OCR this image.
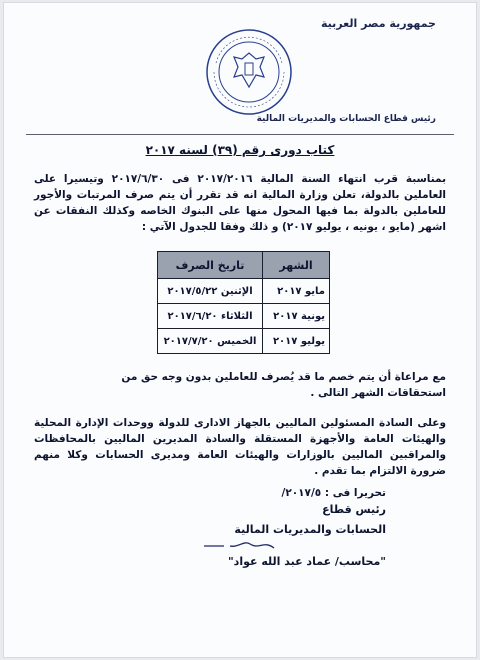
جمهورية مصر العربية
رئيس قطاع الحسابات والمديريات المالية
كتاب دورى رقم (٣٩) لسنه ٢٠١٧
بمناسبة قرب انتهاء السنة المالية ٢٠١٧/٢٠١٦ فى ٢٠١٧/٦/٣٠ وتيسيرا على العاملين بالدولة، تعلن وزارة المالية انه قد تقرر أن يتم صرف المرتبات والأجور للعاملين بالدولة بما فيها المحول منها على البنوك الخاصه وكذلك النفقات عن اشهر (مايو ، يونيه ، يوليو ٢٠١٧) و ذلك وفقا للجدول الآتي :
الشهر	تاريخ الصرف
مايو ٢٠١٧	الإثنين ٢٠١٧/٥/٢٢
يونية ٢٠١٧	الثلاثاء ٢٠١٧/٦/٢٠
يوليو ٢٠١٧	الخميس ٢٠١٧/٧/٢٠
مع مراعاة أن يتم خصم ما قد يُصرف للعاملين بدون وجه حق من استحقاقات الشهر التالى .
وعلى السادة المسئولين الماليين بالجهاز الادارى للدولة ووحدات الإدارة المحلية والهيئات العامة والأجهزة المستقلة والسادة المديرين الماليين بالمحافظات والمراقبين الماليين بالوزارات والهيئات العامة ومديرى الحسابات وكلا منهم ضرورة الالتزام بما تقدم .
تحريرا فى : ٢٠١٧/٥/
رئيس قطاع
الحسابات والمديريات المالية
"محاسب/ عماد عبد الله عواد"
